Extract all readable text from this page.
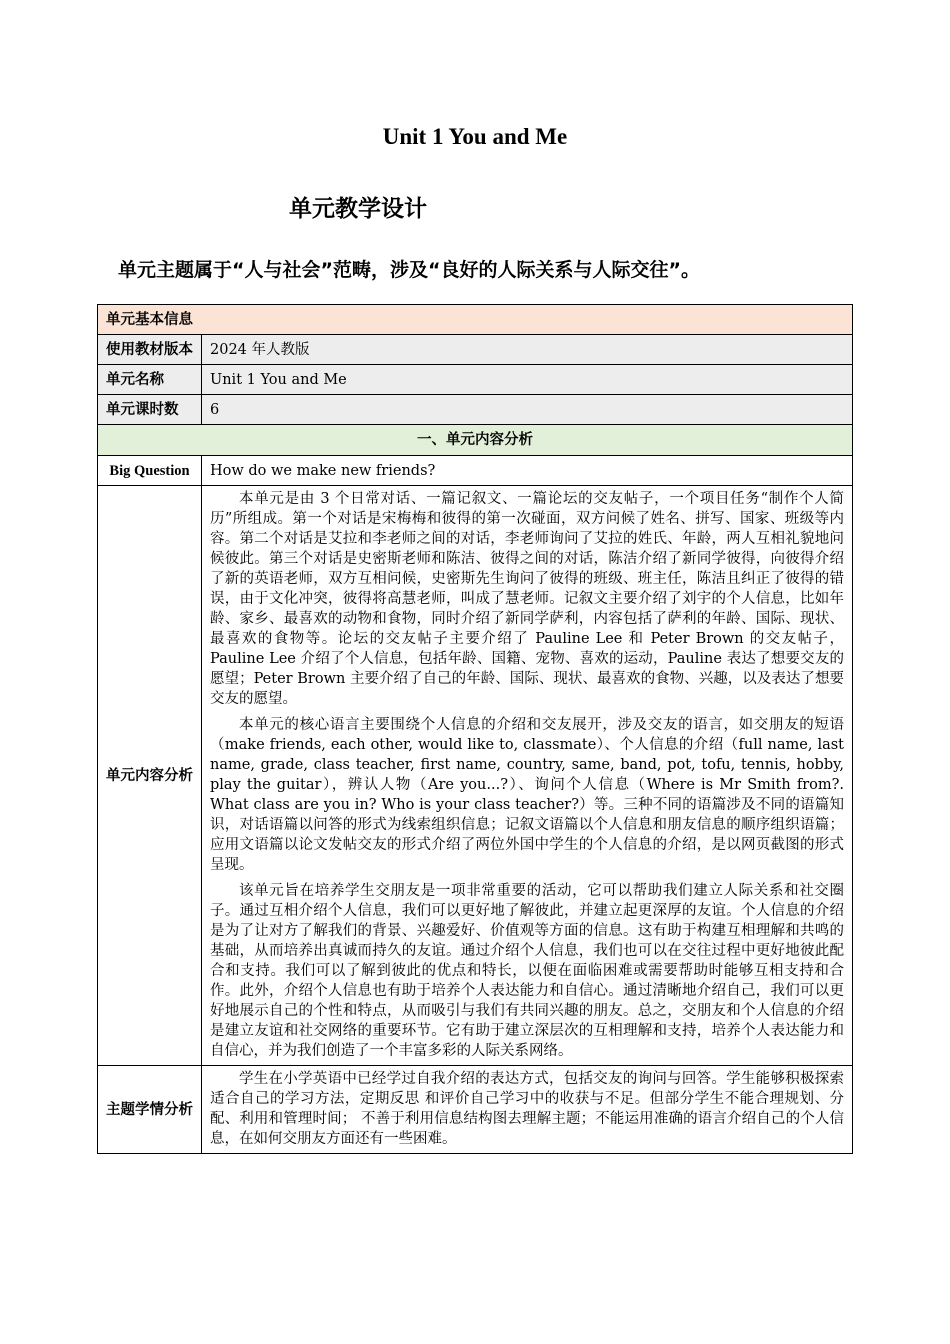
Unit 1 You and Me
单元教学设计
单元主题属于“人与社会”范畴，涉及“良好的人际关系与人际交往”。
单元基本信息	
使用教材版本	2024 年人教版
单元名称	Unit 1 You and Me
单元课时数	6
一、单元内容分析	
Big Question	How do we make new friends?
单元内容分析	本单元是由 3 个日常对话、一篇记叙文、一篇论坛的交友帖子，一个项目任务“制作个人简历”所组成。第一个对话是宋梅梅和彼得的第一次碰面，双方问候了姓名、拼写、国家、班级等内容。第二个对话是艾拉和李老师之间的对话，李老师询问了艾拉的姓氏、年龄，两人互相礼貌地问候彼此。第三个对话是史密斯老师和陈洁、彼得之间的对话，陈洁介绍了新同学彼得，向彼得介绍了新的英语老师，双方互相问候，史密斯先生询问了彼得的班级、班主任，陈洁且纠正了彼得的错误，由于文化冲突，彼得将高慧老师，叫成了慧老师。记叙文主要介绍了刘宇的个人信息，比如年龄、家乡、最喜欢的动物和食物，同时介绍了新同学萨利，内容包括了萨利的年龄、国际、现状、最喜欢的食物等。论坛的交友帖子主要介绍了 Pauline Lee 和 Peter Brown 的交友帖子，Pauline Lee 介绍了个人信息，包括年龄、国籍、宠物、喜欢的运动，Pauline 表达了想要交友的愿望；Peter Brown 主要介绍了自己的年龄、国际、现状、最喜欢的食物、兴趣，以及表达了想要交友的愿望。

本单元的核心语言主要围绕个人信息的介绍和交友展开，涉及交友的语言，如交朋友的短语（make friends, each other, would like to, classmate）、个人信息的介绍（full name, last name, grade, class teacher, first name, country, same, band, pot, tofu, tennis, hobby, play the guitar），辨认人物（Are you...?）、询问个人信息（Where is Mr Smith from?. What class are you in? Who is your class teacher?）等。三种不同的语篇涉及不同的语篇知识，对话语篇以问答的形式为线索组织信息；记叙文语篇以个人信息和朋友信息的顺序组织语篇；应用文语篇以论文发帖交友的形式介绍了两位外国中学生的个人信息的介绍，是以网页截图的形式呈现。

该单元旨在培养学生交朋友是一项非常重要的活动，它可以帮助我们建立人际关系和社交圈子。通过互相介绍个人信息，我们可以更好地了解彼此，并建立起更深厚的友谊。个人信息的介绍是为了让对方了解我们的背景、兴趣爱好、价值观等方面的信息。这有助于构建互相理解和共鸣的基础，从而培养出真诚而持久的友谊。通过介绍个人信息，我们也可以在交往过程中更好地彼此配合和支持。我们可以了解到彼此的优点和特长，以便在面临困难或需要帮助时能够互相支持和合作。此外，介绍个人信息也有助于培养个人表达能力和自信心。通过清晰地介绍自己，我们可以更好地展示自己的个性和特点，从而吸引与我们有共同兴趣的朋友。总之，交朋友和个人信息的介绍是建立友谊和社交网络的重要环节。它有助于建立深层次的互相理解和支持，培养个人表达能力和自信心，并为我们创造了一个丰富多彩的人际关系网络。

主题学情分析	学生在小学英语中已经学过自我介绍的表达方式，包括交友的询问与回答。学生能够积极探索适合自己的学习方法，定期反思 和评价自己学习中的收获与不足。但部分学生不能合理规划、分配、利用和管理时间； 不善于利用信息结构图去理解主题；不能运用准确的语言介绍自己的个人信息，在如何交朋友方面还有一些困难。
